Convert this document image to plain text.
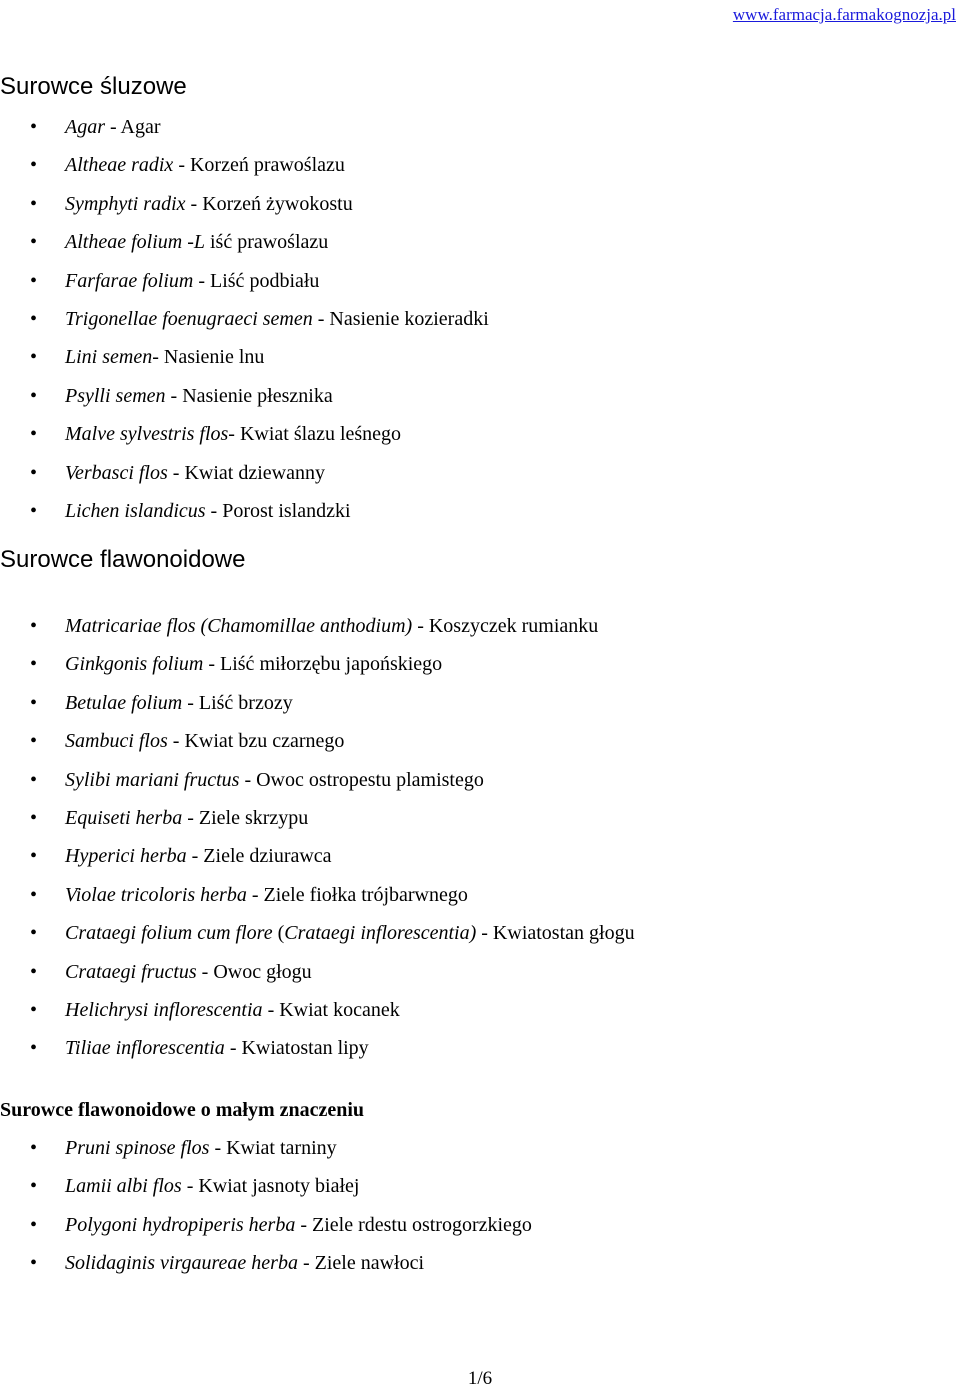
www.farmacja.farmakognozja.pl
Surowce śluzowe
• Agar - Agar
• Altheae radix - Korzeń prawoślazu
• Symphyti radix - Korzeń żywokostu
• Altheae folium -L iść prawoślazu
• Farfarae folium - Liść podbiału
• Trigonellae foenugraeci semen - Nasienie kozieradki
• Lini semen- Nasienie lnu
• Psylli semen - Nasienie płesznika
• Malve sylvestris flos- Kwiat ślazu leśnego
• Verbasci flos - Kwiat dziewanny
• Lichen islandicus - Porost islandzki
Surowce flawonoidowe
• Matricariae flos (Chamomillae anthodium) - Koszyczek rumianku
• Ginkgonis folium - Liść miłorzębu japońskiego
• Betulae folium - Liść brzozy
• Sambuci flos - Kwiat bzu czarnego
• Sylibi mariani fructus - Owoc ostropestu plamistego
• Equiseti herba - Ziele skrzypu
• Hyperici herba - Ziele dziurawca
• Violae tricoloris herba - Ziele fiołka trójbarwnego
• Crataegi folium cum flore (Crataegi inflorescentia) - Kwiatostan głogu
• Crataegi fructus - Owoc głogu
• Helichrysi inflorescentia - Kwiat kocanek
• Tiliae inflorescentia - Kwiatostan lipy
Surowce flawonoidowe o małym znaczeniu
• Pruni spinose flos - Kwiat tarniny
• Lamii albi flos - Kwiat jasnoty białej
• Polygoni hydropiperis herba - Ziele rdestu ostrogorzkiego
• Solidaginis virgaureae herba - Ziele nawłoci
1/6
